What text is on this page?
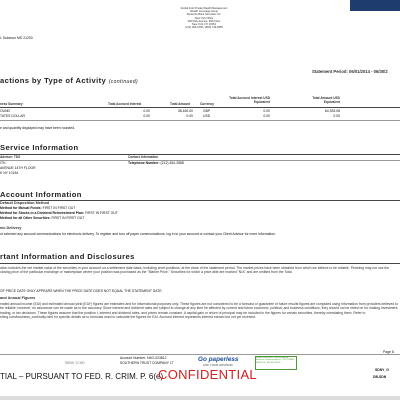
L Solomon MD 21203
Global Indo Private Wealth Management
Wealth Coverage Group
Deutsche Bank Securities Inc.
New York Office
345 Park Avenue, 25th Floor
New York, NY 10154
(212) 454-1000 / (800) 746-5055
Statement Period: 06/01/2014 - 06/30/2
actions by Type of Activity (continued)
Total Accrued Interest USD Equivalent
Total Amount USD Equivalent
ness Summary	Total Accrued Interest	Total Amount	Currency
OUND	0.00	38,160.00	GBP	0.00	64,933.08
TATES DOLLAR	0.00	0.00	USD	0.00	0.00
e and quantity displayed may have been rounded.
Service Information
Advisor: TDS	Contact Information
ITH
AVENUE 14TH FLOOR
K NY 10154
Telephone Number: (212) 454-2888
Account Information
Default Disposition Method
Method for Mutual Funds: FIRST IN FIRST OUT
Method for Stocks in a Dividend Reinvestment Plan: FIRST IN FIRST OUT
Method for all Other Securities: FIRST IN FIRST OUT
nic Delivery
ot selected any account communications for electronic delivery. To register and turn off paper communications, log in to your account or contact your Client Advisor for more information.
rtant Information and Disclosures
ation includes the net market value of the securities in your account on a settlement date basis, including short positions, at the close of the statement period. The market prices have been obtained from which we believe to be reliable. Pershing may not use the closing price of the particular exchange or marketplace where your position was purchased as the "Market Price." Securities for which a price able are marked "N/A" and are omitted from the Total.
OF PRICE DATE ONLY APPEARS WHEN THE PRICE DATE DOES NOT EQUAL THE STATEMENT DATE.
and Annual Figures
mated annual income (EAI) and estimated annual yield (EAY) figures are estimates and for informational purposes only. These figures are not considered to be a forecast or guarantee of future results figures are computed using information from providers believed to be reliable; however, no assurance can be made as to the accuracy. Since interest and dividend rates are subject to change at any time be affected by current and future economic, political, and business conditions, they should not be relied on for making investment, trading, or tax decisions. These figures assume that the position t, interest and dividend rates, and prices remain constant. A capital gain or return of principal may be included in the figures for certain securities, thereby overstating them. Refer to shing.com/business_continuity.html for specific details as to formulas used to calculate the figures for EAI. Accrued interest represents interest earned but not yet received.
Page 8
Account Number: N4G-023812
SBNK YCHD	SOUTHERN TRUST COMPANY LT	Go paperless
ASK YOUR ADVISOR
Global Excellence / Investor Award / Business Communications / CUSTOMER SERVICE / EXCELLENCE
SDNY_G
DB-SDN
TIAL – PURSUANT TO FED. R. CRIM. P. 6(e)
CONFIDENTIAL
